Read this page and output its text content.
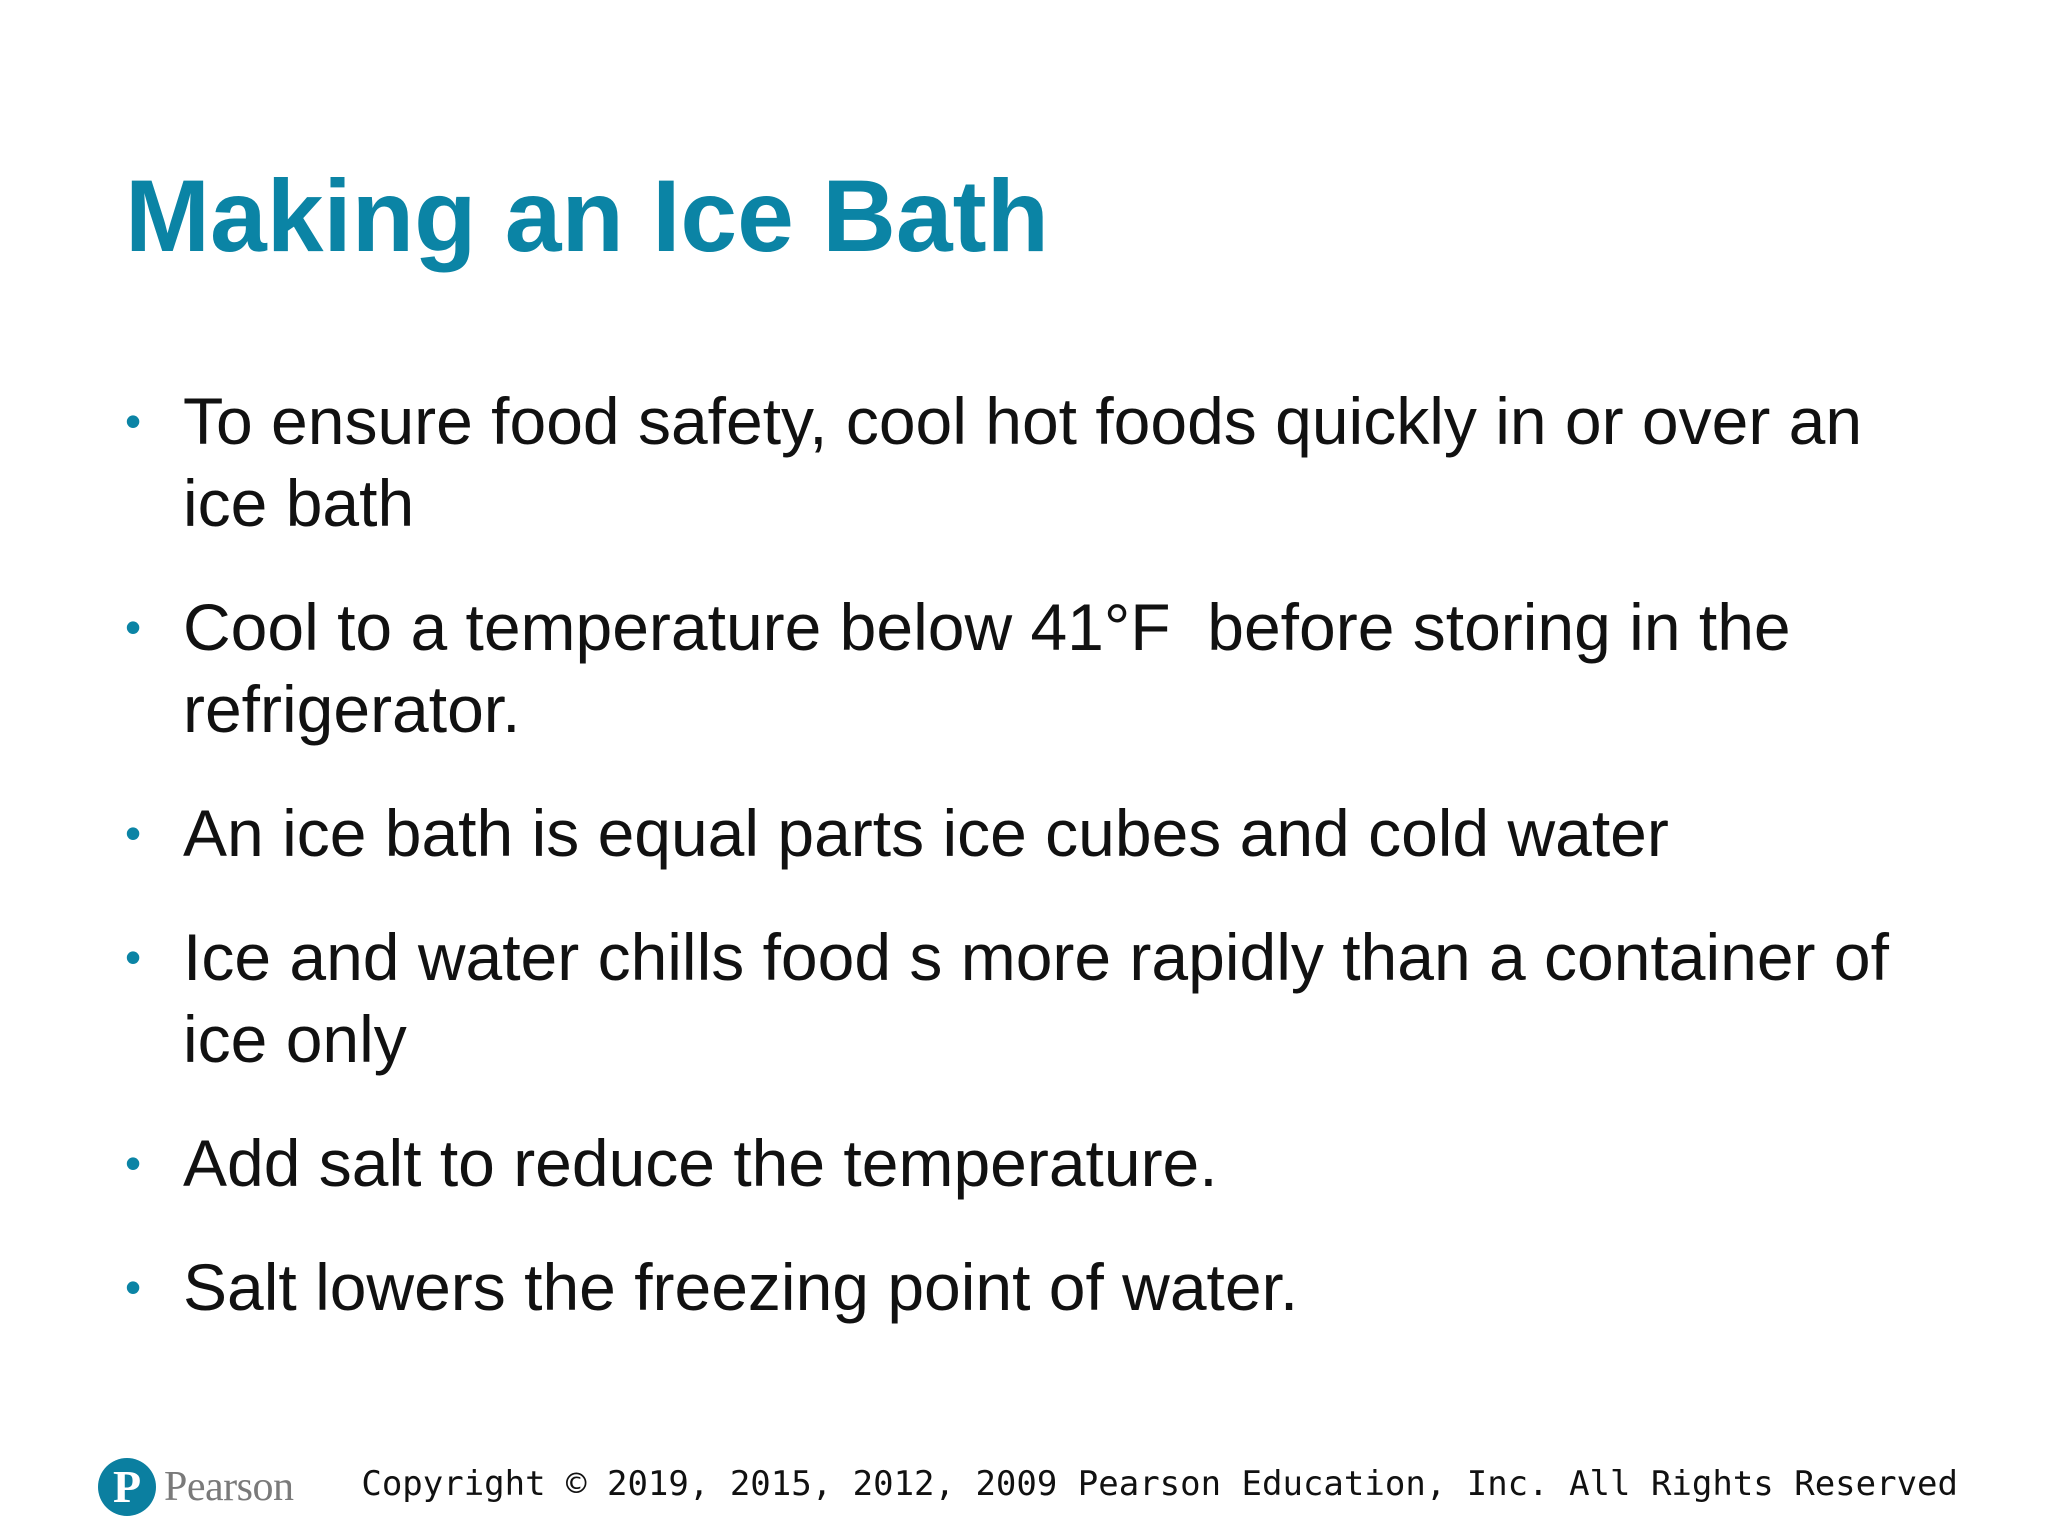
Making an Ice Bath
• To ensure food safety, cool hot foods quickly in or over an ice bath
• Cool to a temperature below 41°F  before storing in the refrigerator.
• An ice bath is equal parts ice cubes and cold water
• Ice and water chills food s more rapidly than a container of ice only
• Add salt to reduce the temperature.
• Salt lowers the freezing point of water.
P Pearson Copyright © 2019, 2015, 2012, 2009 Pearson Education, Inc. All Rights Reserved
